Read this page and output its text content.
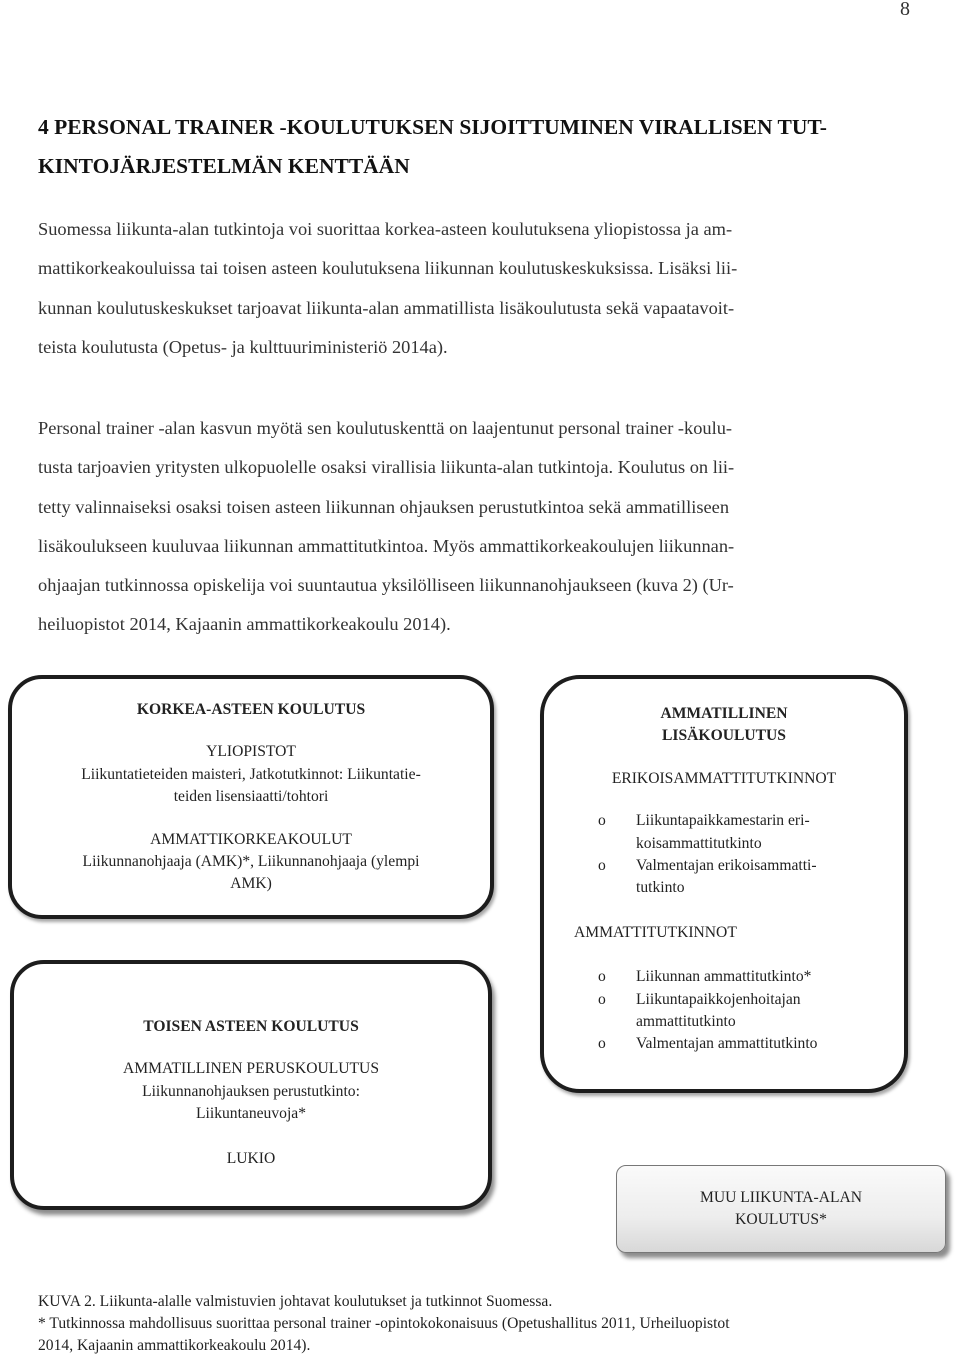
8
4 PERSONAL TRAINER -KOULUTUKSEN SIJOITTUMINEN VIRALLISEN TUT-
KINTOJÄRJESTELMÄN KENTTÄÄN

Suomessa liikunta-alan tutkintoja voi suorittaa korkea-asteen koulutuksena yliopistossa ja am-
mattikorkeakouluissa tai toisen asteen koulutuksena liikunnan koulutuskeskuksissa. Lisäksi lii-
kunnan koulutuskeskukset tarjoavat liikunta-alan ammatillista lisäkoulutusta sekä vapaatavoit-
teista koulutusta (Opetus- ja kulttuuriministeriö 2014a).

Personal trainer -alan kasvun myötä sen koulutuskenttä on laajentunut personal trainer -koulu-
tusta tarjoavien yritysten ulkopuolelle osaksi virallisia liikunta-alan tutkintoja. Koulutus on lii-
tetty valinnaiseksi osaksi toisen asteen liikunnan ohjauksen perustutkintoa sekä ammatilliseen
lisäkoulukseen kuuluvaa liikunnan ammattitutkintoa. Myös ammattikorkeakoulujen liikunnan-
ohjaajan tutkinnossa opiskelija voi suuntautua yksilölliseen liikunnanohjaukseen (kuva 2) (Ur-
heiluopistot 2014, Kajaanin ammattikorkeakoulu 2014).

KORKEA-ASTEEN KOULUTUS

YLIOPISTOT

Liikuntatieteiden maisteri, Jatkotutkinnot: Liikuntatie-

teiden lisensiaatti/tohtori

AMMATTIKORKEAKOULUT

Liikunnanohjaaja (AMK)*, Liikunnanohjaaja (ylempi

AMK)

TOISEN ASTEEN KOULUTUS

AMMATILLINEN PERUSKOULUTUS

Liikunnanohjauksen perustutkinto:

Liikuntaneuvoja*

LUKIO

AMMATILLINEN

LISÄKOULUTUS

ERIKOISAMMATTITUTKINNOT

o Liikuntapaikkamestarin eri-
koisammattitutkinto
o Valmentajan erikoisammatti-
tutkinto

AMMATTITUTKINNOT

o Liikunnan ammattitutkinto*
o Liikuntapaikkojenhoitajan
ammattitutkinto
o Valmentajan ammattitutkinto

MUU LIIKUNTA-ALAN

KOULUTUS*

KUVA 2. Liikunta-alalle valmistuvien johtavat koulutukset ja tutkinnot Suomessa.
* Tutkinnossa mahdollisuus suorittaa personal trainer -opintokokonaisuus (Opetushallitus 2011, Urheiluopistot
2014, Kajaanin ammattikorkeakoulu 2014).
